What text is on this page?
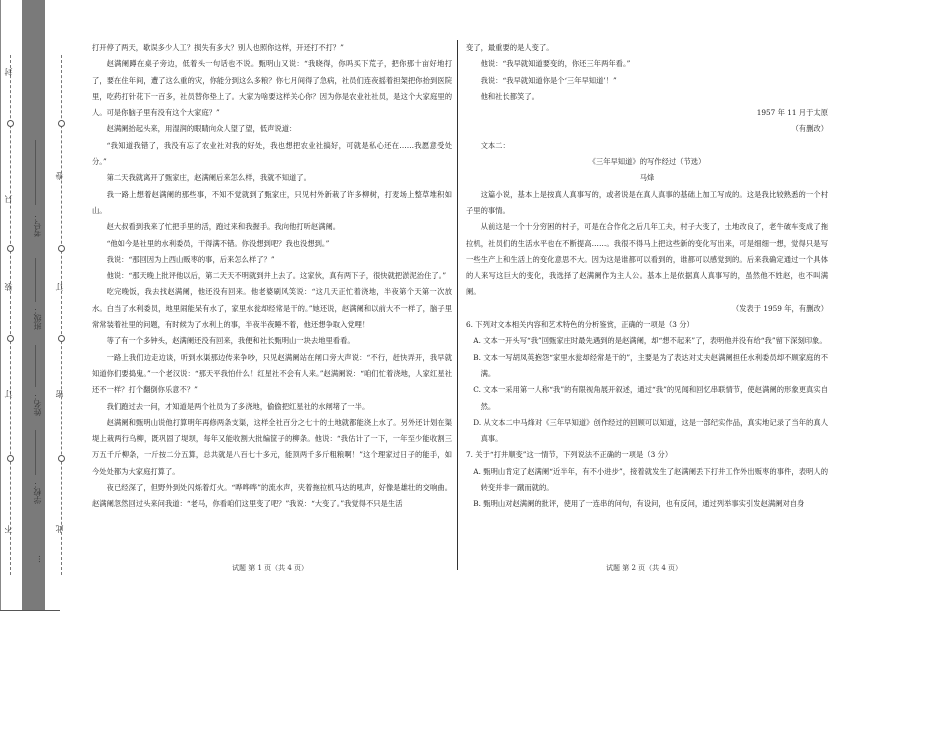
封
只
装
订
不
卷
订
密
此
考号：
班级：
姓名：
学校：
…

打开停了两天，歇误多少人工？损失有多大？别人也照你这样，开还打不打？”

赵满阑蹲在桌子旁边，低着头一句话也不说。甄明山又说：“我晓得，你吗买下荒子，把你那十亩好地打了，要在住年间，遭了这么重的灾，你能分到这么多粮？你七月间得了急病，社员们连夜摇着担架把你抬到医院里，吃药打针花下一百多，社员替你垫上了。大家为啥要这样关心你？因为你是农业社社员，是这个大家庭里的人。可是你脑子里有没有这个大家庭？”

赵满阑抬起头来，用湿润的眼睛向众人望了望，低声说道：

“我知道我错了，我没有忘了农业社对我的好处，我也想把农业社搞好，可就是私心还在……我愿意受处分。”

第二天我就离开了甄家庄，赵满阑后来怎么样，我就不知道了。

我一路上想着赵满阑的那些事，不知不觉就到了甄家庄，只见村外新栽了许多柳树，打麦场上整草堆积如山。

赵大叔看到我来了忙把手里的活，跑过来和我握手。我向他打听赵满阑。

“他如今是社里的水利委员，干得满不错。你没想到吧？我也没想到。”

我说：“那回因为上西山贩枣的事，后来怎么样了？”

他说：“那天晚上批评他以后，第二天天不明就到井上去了。这家伙，真有两下子，很快就把淤泥治住了。”

吃完晚饭，我去找赵满阑，他还没有回来。他老婆刷风笑说：“这几天正忙着浇地，半夜第个天第一次放水。白当了水利委员，地里闹能呆有水了，家里水瓮却经常是干的。”她还说，赵满阑和以前大不一样了，脑子里常常装着社里的问题，有时候为了水利上的事，半夜半夜睡不着，他还想争取入党哩！

等了有一个多钟头，赵满阑还没有回来，我便和社长甄明山一块去地里看看。

一路上我们边走边谈，听到水渠那边传来争吵，只见赵满阑站在闸口旁大声说：“不行，赶快弄开，我早就知道你们要捣鬼。”一个老汉说：“那天平我怕什么！红星社不会有人来。”赵满阑说：“咱们忙着浇地，人家红星社还不一样？打个翻倒你乐意不？”

我们跑过去一问，才知道是两个社员为了多浇地，偷偷把红星社的水闸堵了一半。

赵满阑和甄明山说他打算明年再修两条支渠，这样全社百分之七十的土地就都能浇上水了。另外还计划在渠堤上栽两行乌柳，既巩固了堤坝，每年又能收割大批编筐子的柳条。他说：“我估计了一下，一年至少能收割三万五千斤柳条，一斤按二分五算，总共就是八百七十多元，能顶两千多斤粗粮啊！”这个理家过日子的能手，如今处处都为大家庭打算了。

夜已经深了，但野外到处闪烁着灯火。“哗哗哗”的流水声，夹着拖拉机马达的吼声，好像是雄壮的交响曲。赵满阑忽然回过头来问我道：“老马，你看咱们这里变了吧？”我说：“大变了。”我觉得不只是生活

试题 第 1 页（共 4 页）

变了，最重要的是人变了。

他说：“我早就知道要变的，你还三年两年看。”

我说：“我早就知道你是个‘三年早知道’！”

他和社长都笑了。

1957 年 11 月于太原

（有删改）

文本二：

《三年早知道》的写作经过（节选）

马烽

这篇小说，基本上是按真人真事写的，或者说是在真人真事的基础上加工写成的。这是我比较熟悉的一个村子里的事情。

从前这是一个十分穷困的村子，可是在合作化之后几年工夫，村子大变了，土地改良了，老牛破车变成了拖拉机，社员们的生活水平也在不断提高……。我很不得马上把这些新的变化写出来，可是细细一想，觉得只是写一些生产上和生活上的变化意思不大。因为这是谁都可以看到的，谁都可以感觉到的。后来我确定通过一个具体的人来写这巨大的变化，我选择了赵满阑作为主人公。基本上是依据真人真事写的，虽然他不姓赵，也不叫满阑。

（发表于 1959 年，有删改）

6. 下列对文本相关内容和艺术特色的分析鉴赏，正确的一项是（3 分）

A. 文本一开头写“我”回甄家庄时最先遇到的是赵满阑，却“想不起来”了，表明他并没有给“我”留下深刻印象。

B. 文本一写胡凤英抱怨“家里水瓮却经常是干的”，主要是为了表达对丈夫赵满阑担任水利委员却不顾家庭的不满。

C. 文本一采用第一人称“我”的有限视角展开叙述，通过“我”的见闻和回忆串联情节，使赵满阑的形象更真实自然。

D. 从文本二中马烽对《三年早知道》创作经过的回顾可以知道，这是一部纪实作品，真实地记录了当年的真人真事。

7. 关于“打井顺变”这一情节，下列说法不正确的一项是（3 分）

A. 甄明山肯定了赵满阑“近半年，有不小进步”，接着就发生了赵满阑丢下打井工作外出贩枣的事件，表明人的转变并非一蹴而就的。

B. 甄明山对赵满阑的批评，使用了一连串的问句，有设问，也有反问，通过列举事实引发赵满阑对自身

试题 第 2 页（共 4 页）
